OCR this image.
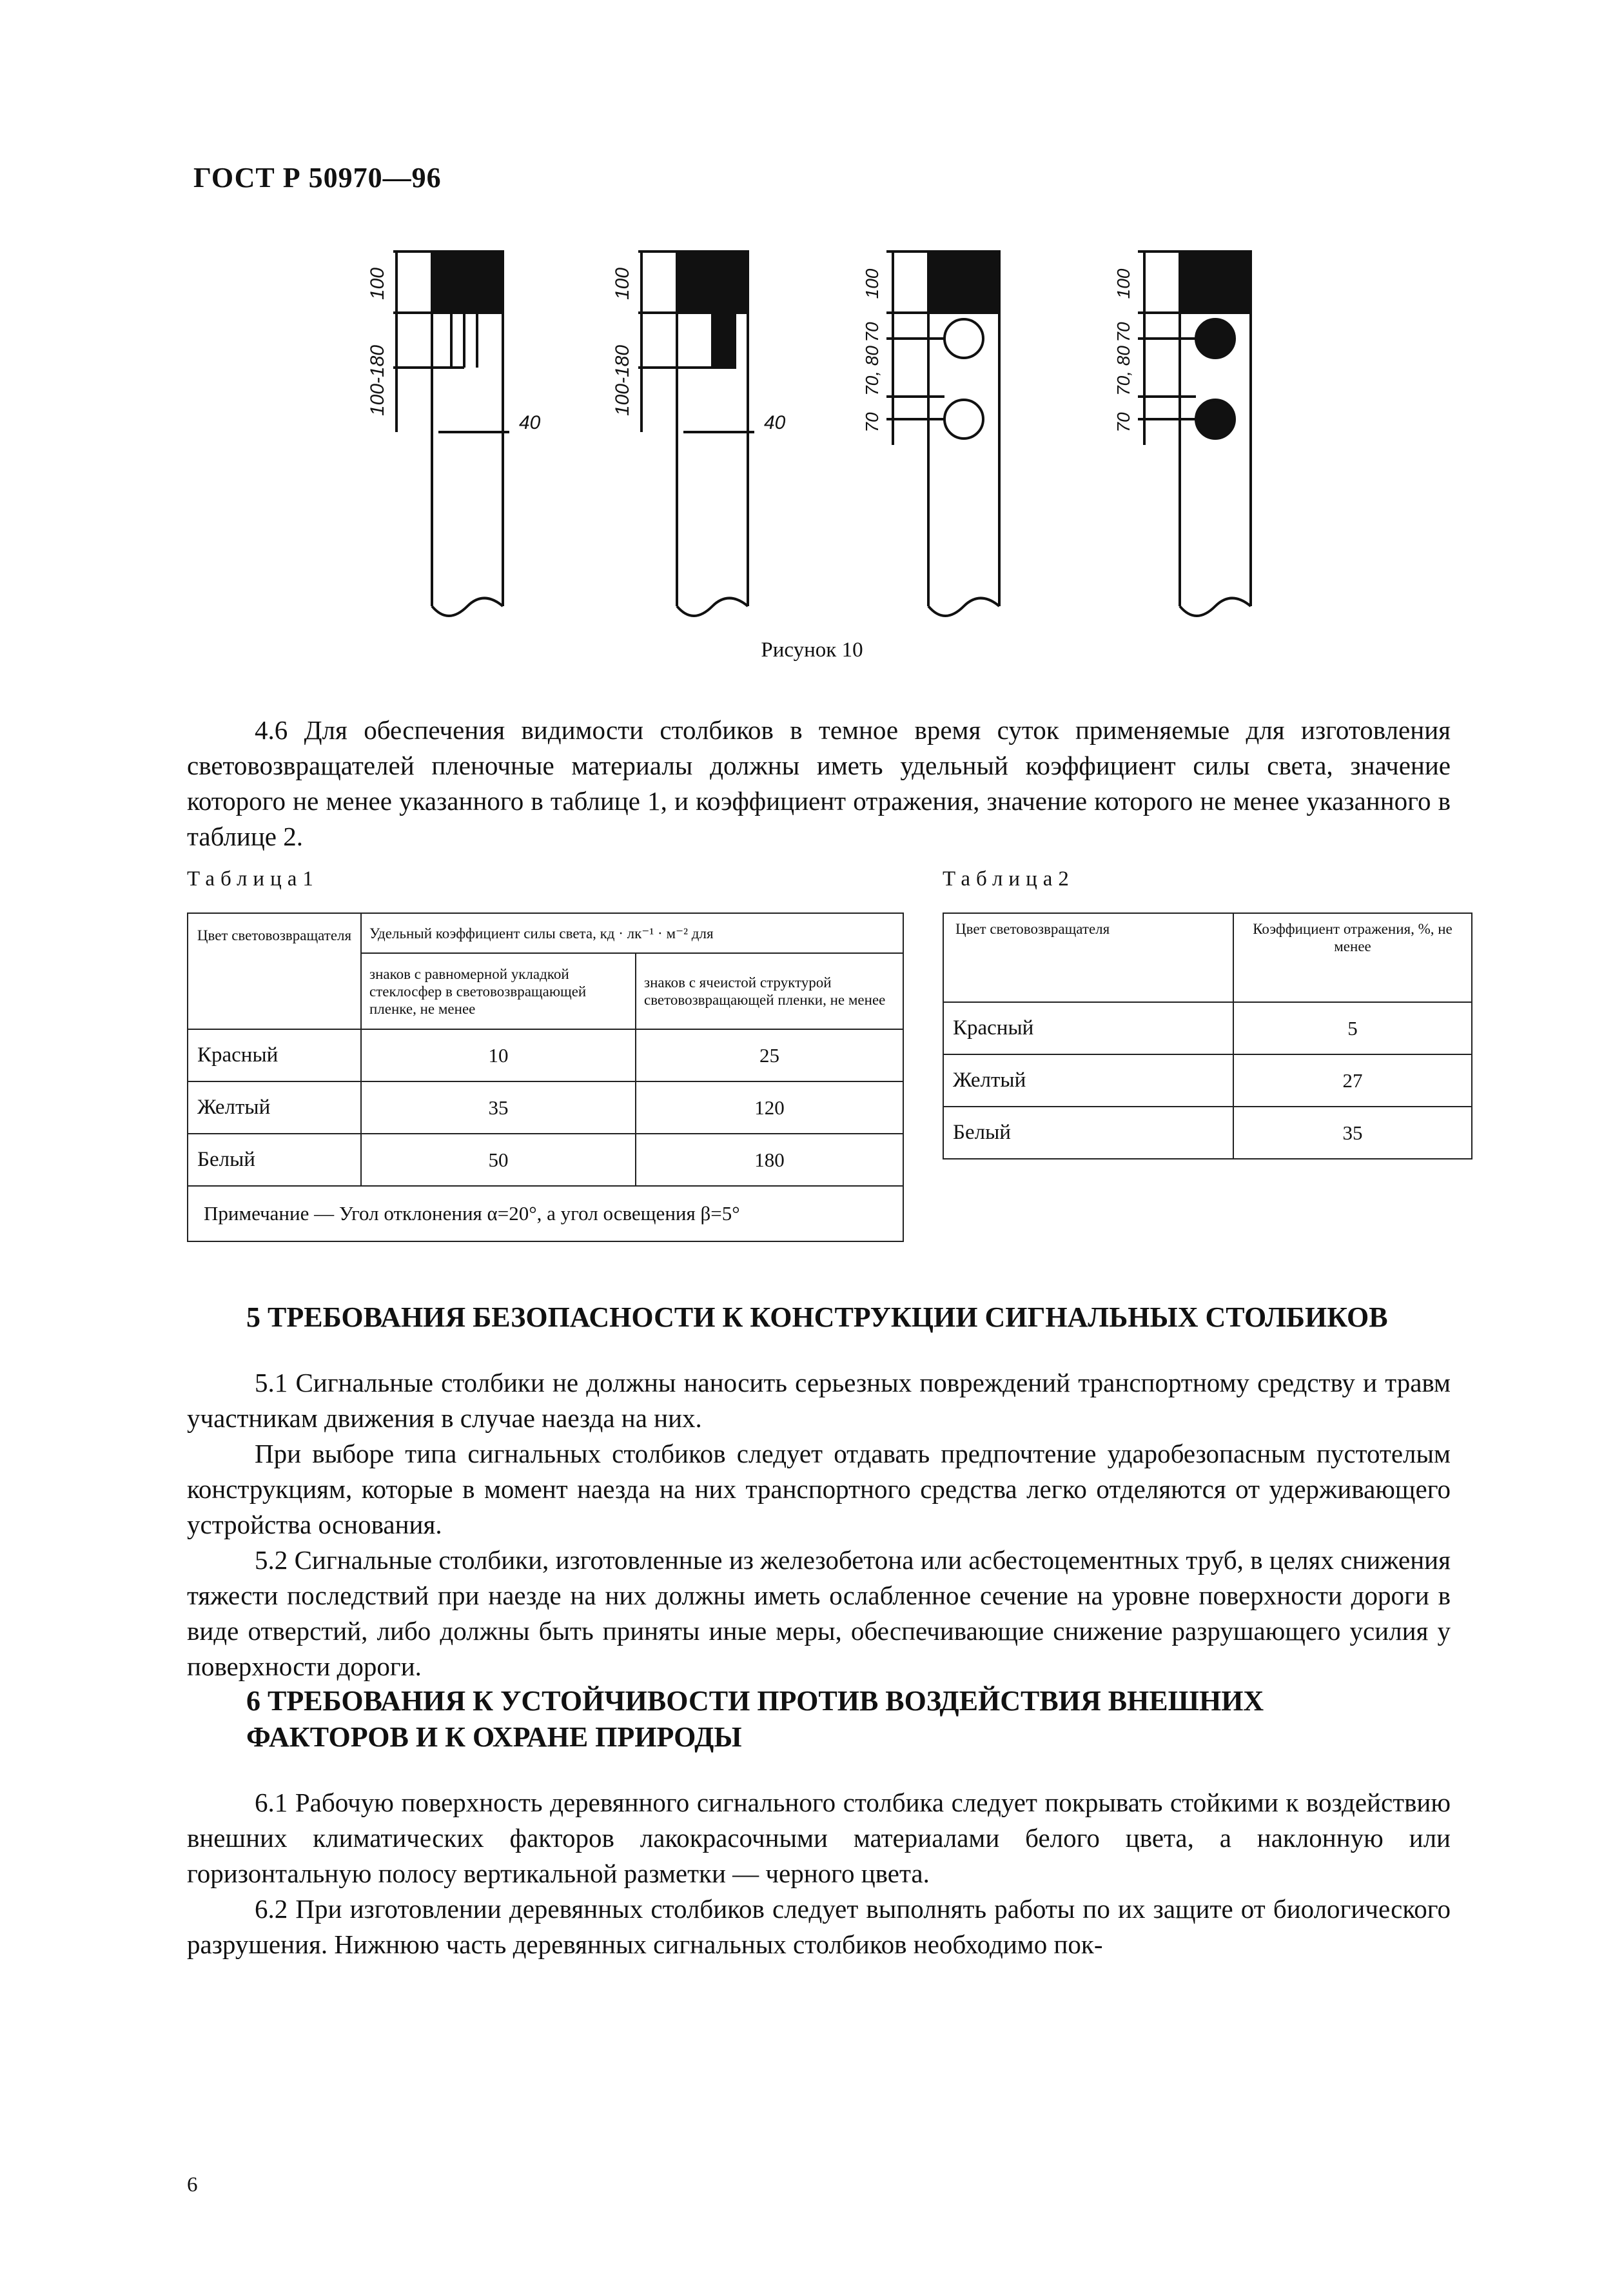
ГОСТ Р 50970—96
100
100-180
40
100
100-180
40
100
70
70, 80
70
100
70
70, 80
70
Рисунок 10

4.6 Для обеспечения видимости столбиков в темное время суток применяемые для изготовления световозвращателей пленочные материалы должны иметь удельный коэффициент силы света, значение которого не менее указанного в таблице 1, и коэффициент отражения, значение которого не менее указанного в таблице 2.

Таблица1	Таблица2
Цвет световозвращателя	Удельный коэффициент силы света, кд · лк⁻¹ · м⁻² для	
	знаков с равномерной укладкой стеклосфер в световозвращающей пленке, не менее	знаков с ячеистой структурой световозвращающей пленки, не менее
Красный	10	25
Желтый	35	120
Белый	50	180
Примечание — Угол отклонения α=20°, а угол освещения β=5°		
Цвет световозвращателя	Коэффициент отражения, %, не менее
Красный	5
Желтый	27
Белый	35
5 ТРЕБОВАНИЯ БЕЗОПАСНОСТИ К КОНСТРУКЦИИ СИГНАЛЬНЫХ СТОЛБИКОВ

5.1 Сигнальные столбики не должны наносить серьезных повреждений транспортному средству и травм участникам движения в случае наезда на них.

При выборе типа сигнальных столбиков следует отдавать предпочтение ударобезопасным пустотелым конструкциям, которые в момент наезда на них транспортного средства легко отделяются от удерживающего устройства основания.

5.2 Сигнальные столбики, изготовленные из железобетона или асбестоцементных труб, в целях снижения тяжести последствий при наезде на них должны иметь ослабленное сечение на уровне поверхности дороги в виде отверстий, либо должны быть приняты иные меры, обеспечивающие снижение разрушающего усилия у поверхности дороги.

6 ТРЕБОВАНИЯ К УСТОЙЧИВОСТИ ПРОТИВ ВОЗДЕЙСТВИЯ ВНЕШНИХ ФАКТОРОВ И К ОХРАНЕ ПРИРОДЫ

6.1 Рабочую поверхность деревянного сигнального столбика следует покрывать стойкими к воздействию внешних климатических факторов лакокрасочными материалами белого цвета, а наклонную или горизонтальную полосу вертикальной разметки — черного цвета.

6.2 При изготовлении деревянных столбиков следует выполнять работы по их защите от биологического разрушения. Нижнюю часть деревянных сигнальных столбиков необходимо пок-

6
